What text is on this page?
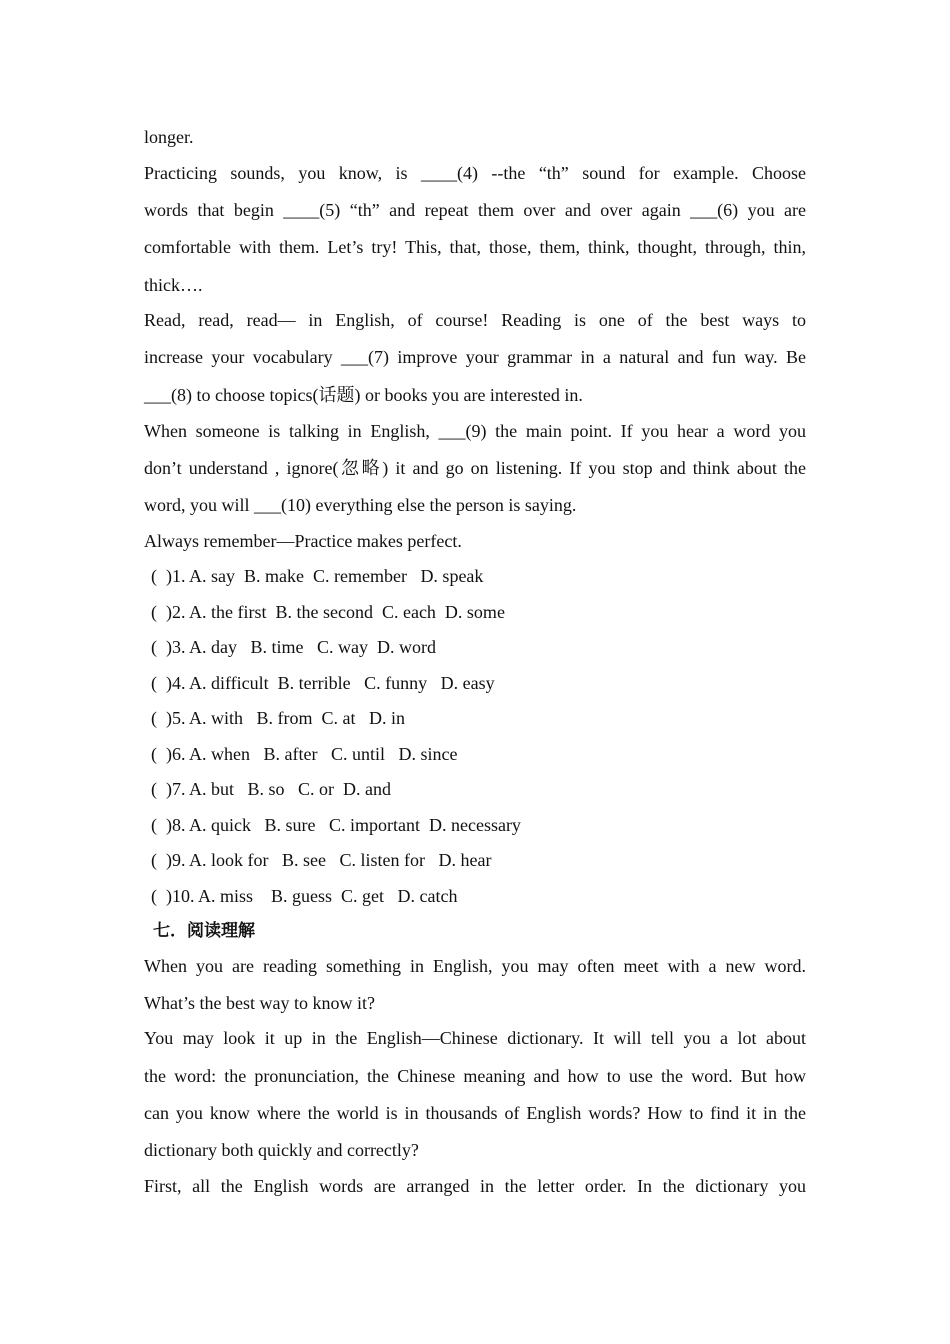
longer.
Practicing sounds, you know, is ____(4) --the “th” sound for example. Choose
words that begin ____(5) “th” and repeat them over and over again ___(6) you are
comfortable with them. Let’s try! This, that, those, them, think, thought, through, thin,
thick….
Read, read, read— in English, of course! Reading is one of the best ways to
increase your vocabulary ___(7) improve your grammar in a natural and fun way. Be
___(8) to choose topics(话题) or books you are interested in.
When someone is talking in English, ___(9) the main point. If you hear a word you
don’t understand , ignore(忽略) it and go on listening. If you stop and think about the
word, you will ___(10) everything else the person is saying.
Always remember—Practice makes perfect.
(  )1. A. say  B. make  C. remember   D. speak
(  )2. A. the first  B. the second  C. each  D. some
(  )3. A. day   B. time   C. way  D. word
(  )4. A. difficult  B. terrible   C. funny   D. easy
(  )5. A. with   B. from  C. at   D. in
(  )6. A. when   B. after   C. until   D. since
(  )7. A. but   B. so   C. or  D. and
(  )8. A. quick   B. sure   C. important  D. necessary
(  )9. A. look for   B. see   C. listen for   D. hear
(  )10. A. miss    B. guess  C. get   D. catch
七．阅读理解
When you are reading something in English, you may often meet with a new word.
What’s the best way to know it?
You may look it up in the English—Chinese dictionary. It will tell you a lot about
the word: the pronunciation, the Chinese meaning and how to use the word. But how
can you know where the world is in thousands of English words? How to find it in the
dictionary both quickly and correctly?
First, all the English words are arranged in the letter order. In the dictionary you
